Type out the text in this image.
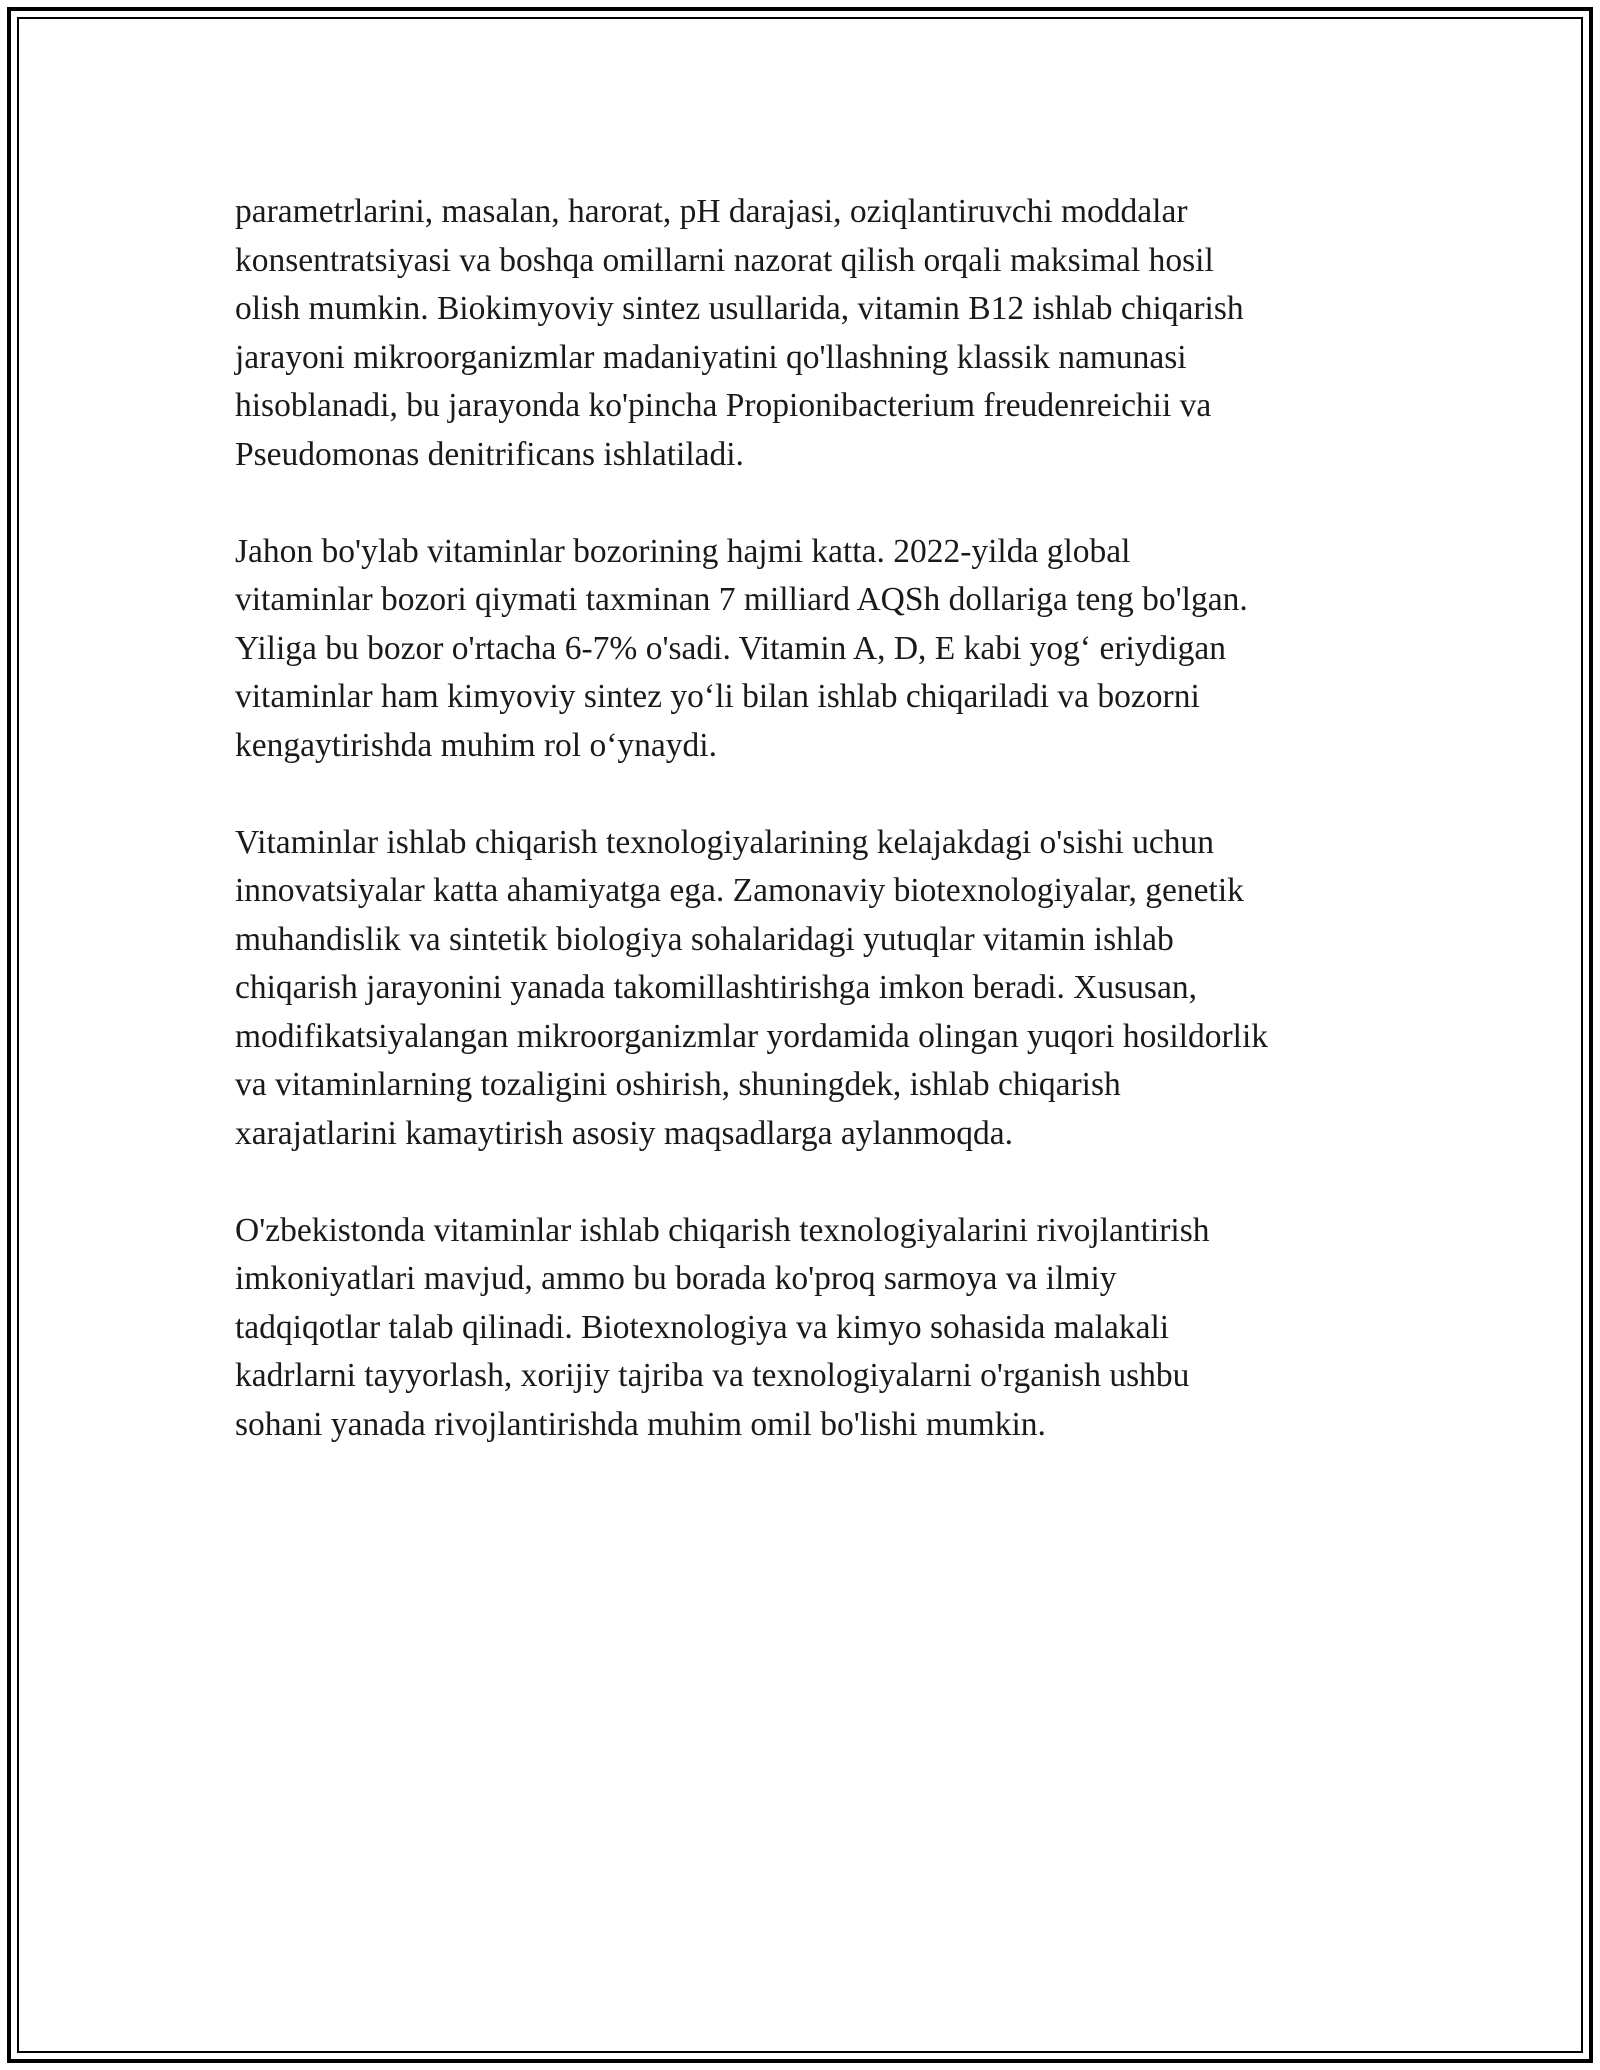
parametrlarini, masalan, harorat, pH darajasi, oziqlantiruvchi moddalar
konsentratsiyasi va boshqa omillarni nazorat qilish orqali maksimal hosil
olish mumkin. Biokimyoviy sintez usullarida, vitamin B12 ishlab chiqarish
jarayoni mikroorganizmlar madaniyatini qo'llashning klassik namunasi
hisoblanadi, bu jarayonda ko'pincha Propionibacterium freudenreichii va
Pseudomonas denitrificans ishlatiladi.

Jahon bo'ylab vitaminlar bozorining hajmi katta. 2022-yilda global
vitaminlar bozori qiymati taxminan 7 milliard AQSh dollariga teng bo'lgan.
Yiliga bu bozor o'rtacha 6-7% o'sadi. Vitamin A, D, E kabi yog‘ eriydigan
vitaminlar ham kimyoviy sintez yo‘li bilan ishlab chiqariladi va bozorni
kengaytirishda muhim rol o‘ynaydi.

Vitaminlar ishlab chiqarish texnologiyalarining kelajakdagi o'sishi uchun
innovatsiyalar katta ahamiyatga ega. Zamonaviy biotexnologiyalar, genetik
muhandislik va sintetik biologiya sohalaridagi yutuqlar vitamin ishlab
chiqarish jarayonini yanada takomillashtirishga imkon beradi. Xususan,
modifikatsiyalangan mikroorganizmlar yordamida olingan yuqori hosildorlik
va vitaminlarning tozaligini oshirish, shuningdek, ishlab chiqarish
xarajatlarini kamaytirish asosiy maqsadlarga aylanmoqda.

O'zbekistonda vitaminlar ishlab chiqarish texnologiyalarini rivojlantirish
imkoniyatlari mavjud, ammo bu borada ko'proq sarmoya va ilmiy
tadqiqotlar talab qilinadi. Biotexnologiya va kimyo sohasida malakali
kadrlarni tayyorlash, xorijiy tajriba va texnologiyalarni o'rganish ushbu
sohani yanada rivojlantirishda muhim omil bo'lishi mumkin.
